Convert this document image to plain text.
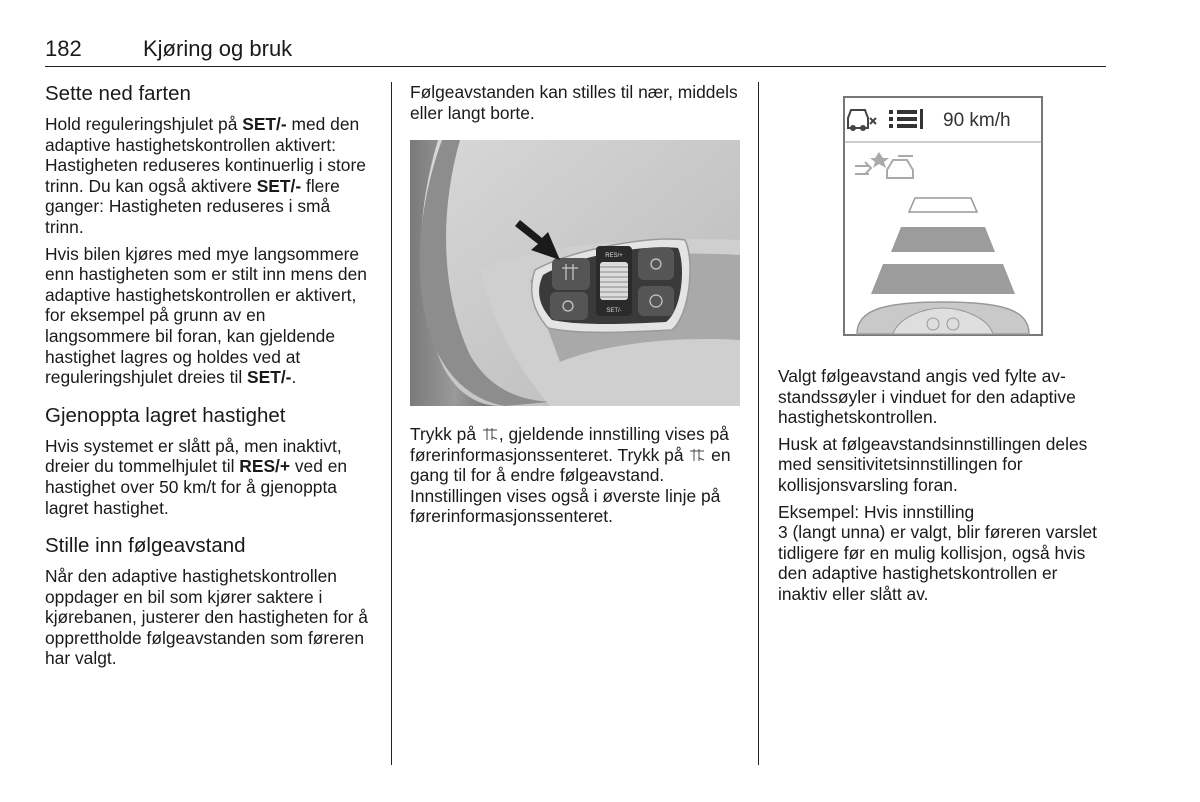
182	Kjøring og bruk
Sette ned farten

Hold reguleringshjulet på SET/- med den adaptive hastighetskontrollen aktivert: Hastigheten reduseres kontinuerlig i store trinn. Du kan også aktivere SET/- flere ganger: Hastigheten reduseres i små trinn.

Hvis bilen kjøres med mye langsommere enn hastigheten som er stilt inn mens den adaptive hastighetskontrollen er aktivert, for eksempel på grunn av en langsommere bil foran, kan gjeldende hastighet lagres og holdes ved at reguleringshjulet dreies til SET/-.

Gjenoppta lagret hastighet

Hvis systemet er slått på, men inaktivt, dreier du tommelhjulet til RES/+ ved en hastighet over 50 km/t for å gjenoppta lagret hastighet.

Stille inn følgeavstand

Når den adaptive hastighetskontrollen oppdager en bil som kjører saktere i kjørebanen, justerer den hastigheten for å opprettholde følgeavstanden som føreren har valgt.

Følgeavstanden kan stilles til nær, middels eller langt borte.

RES/+
SET/-

Trykk på , gjeldende innstilling vises på førerinformasjonssenteret. Trykk på  en gang til for å endre følgeavstand. Innstillingen vises også i øverste linje på førerinformasjonssenteret.

90 km/h

Valgt følgeavstand angis ved fylte avstandssøyler i vinduet for den adaptive hastighetskontrollen.

Husk at følgeavstandsinnstillingen deles med sensitivitetsinnstillingen for kollisjonsvarsling foran.

Eksempel: Hvis innstilling
3 (langt unna) er valgt, blir føreren varslet tidligere før en mulig kollisjon, også hvis den adaptive hastighetskontrollen er inaktiv eller slått av.
